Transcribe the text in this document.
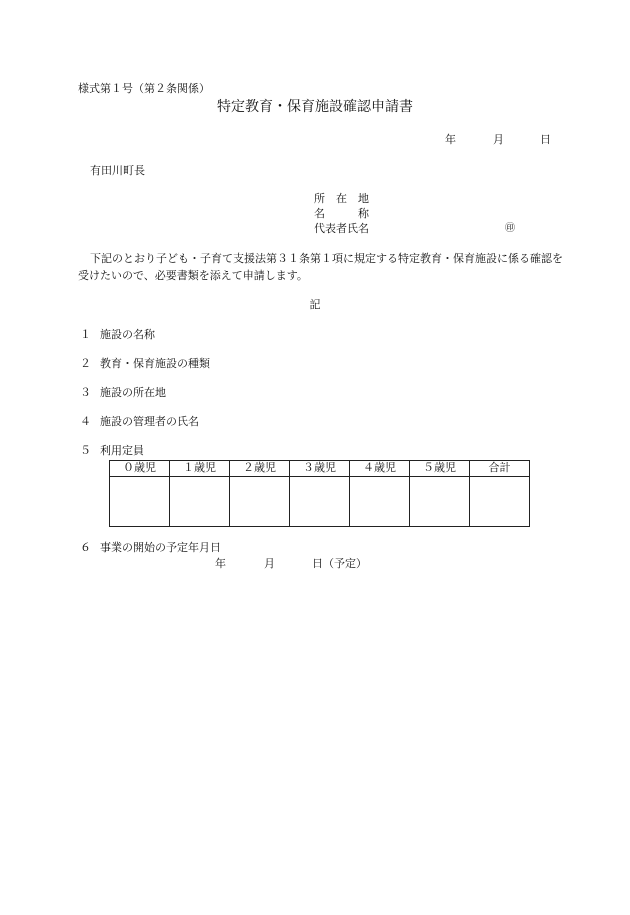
様式第１号（第２条関係）
特定教育・保育施設確認申請書
年	月	日
有田川町長
所　在　地
名　　　称
代表者氏名	㊞
下記のとおり子ども・子育て支援法第３１条第１項に規定する特定教育・保育施設に係る確認を受けたいので、必要書類を添えて申請します。
記
１ 施設の名称
２ 教育・保育施設の種類
３ 施設の所在地
４ 施設の管理者の氏名
５ 利用定員
０歳児	１歳児	２歳児	３歳児	４歳児	５歳児	合計

６ 事業の開始の予定年月日
年	月	日（予定）
